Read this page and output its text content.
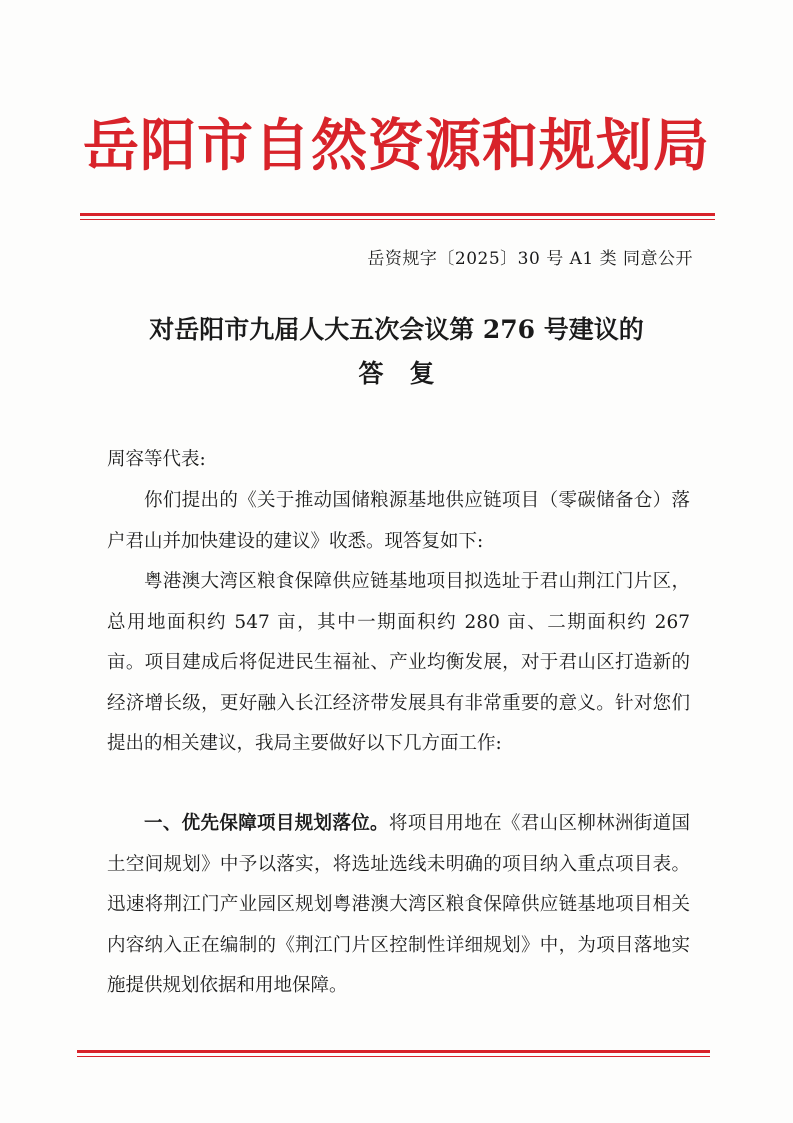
岳阳市自然资源和规划局
岳资规字〔2025〕30 号 A1 类 同意公开
对岳阳市九届人大五次会议第 276 号建议的
答复
周容等代表:
你们提出的《关于推动国储粮源基地供应链项目（零碳储备仓）落户君山并加快建设的建议》收悉。现答复如下:
粤港澳大湾区粮食保障供应链基地项目拟选址于君山荆江门片区，总用地面积约 547 亩，其中一期面积约 280 亩、二期面积约 267 亩。项目建成后将促进民生福祉、产业均衡发展，对于君山区打造新的经济增长级，更好融入长江经济带发展具有非常重要的意义。针对您们提出的相关建议，我局主要做好以下几方面工作:
一、优先保障项目规划落位。将项目用地在《君山区柳林洲街道国土空间规划》中予以落实，将选址选线未明确的项目纳入重点项目表。迅速将荆江门产业园区规划粤港澳大湾区粮食保障供应链基地项目相关内容纳入正在编制的《荆江门片区控制性详细规划》中，为项目落地实施提供规划依据和用地保障。
